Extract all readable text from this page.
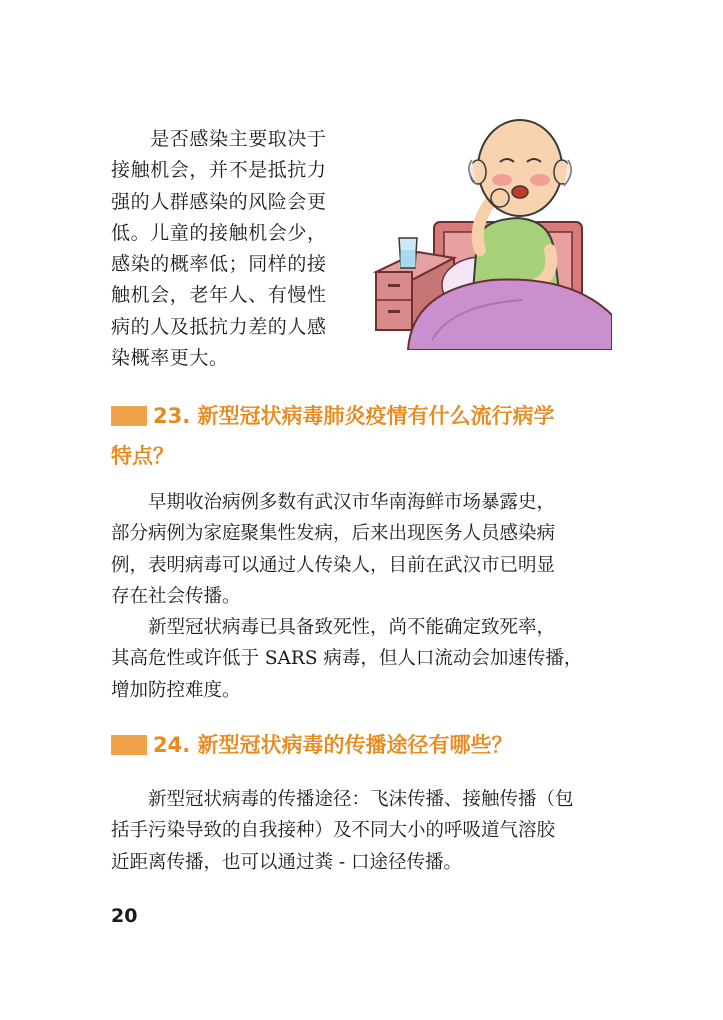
　　是否感染主要取决于
接触机会，并不是抵抗力
强的人群感染的风险会更
低。儿童的接触机会少，
感染的概率低；同样的接
触机会，老年人、有慢性
病的人及抵抗力差的人感
染概率更大。
23. 新型冠状病毒肺炎疫情有什么流行病学
特点？
　　早期收治病例多数有武汉市华南海鲜市场暴露史，
部分病例为家庭聚集性发病，后来出现医务人员感染病
例，表明病毒可以通过人传染人，目前在武汉市已明显
存在社会传播。
　　新型冠状病毒已具备致死性，尚不能确定致死率，
其高危性或许低于 SARS 病毒，但人口流动会加速传播，
增加防控难度。
24. 新型冠状病毒的传播途径有哪些？
　　新型冠状病毒的传播途径：飞沫传播、接触传播（包
括手污染导致的自我接种）及不同大小的呼吸道气溶胶
近距离传播，也可以通过粪 - 口途径传播。
20
